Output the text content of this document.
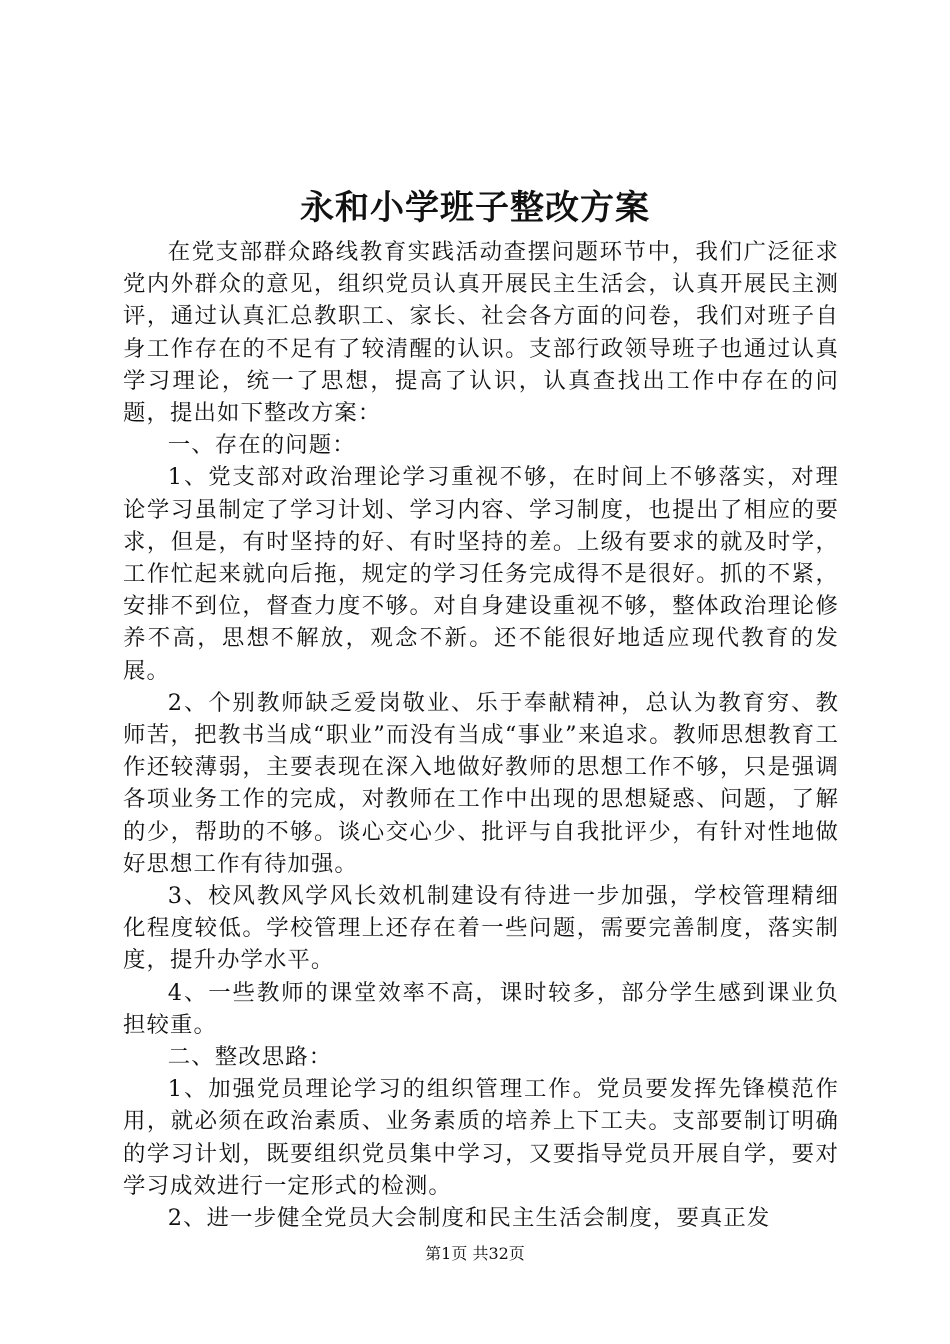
永和小学班子整改方案

在党支部群众路线教育实践活动查摆问题环节中，我们广泛征求党内外群众的意见，组织党员认真开展民主生活会，认真开展民主测评，通过认真汇总教职工、家长、社会各方面的问卷，我们对班子自身工作存在的不足有了较清醒的认识。支部行政领导班子也通过认真学习理论，统一了思想，提高了认识，认真查找出工作中存在的问题，提出如下整改方案：

一、存在的问题：

1、党支部对政治理论学习重视不够，在时间上不够落实，对理论学习虽制定了学习计划、学习内容、学习制度，也提出了相应的要求，但是，有时坚持的好、有时坚持的差。上级有要求的就及时学，工作忙起来就向后拖，规定的学习任务完成得不是很好。抓的不紧，安排不到位，督查力度不够。对自身建设重视不够，整体政治理论修养不高，思想不解放，观念不新。还不能很好地适应现代教育的发展。

2、个别教师缺乏爱岗敬业、乐于奉献精神，总认为教育穷、教师苦，把教书当成“职业”而没有当成“事业”来追求。教师思想教育工作还较薄弱，主要表现在深入地做好教师的思想工作不够，只是强调各项业务工作的完成，对教师在工作中出现的思想疑惑、问题，了解的少，帮助的不够。谈心交心少、批评与自我批评少，有针对性地做好思想工作有待加强。

3、校风教风学风长效机制建设有待进一步加强，学校管理精细化程度较低。学校管理上还存在着一些问题，需要完善制度，落实制度，提升办学水平。

4、一些教师的课堂效率不高，课时较多，部分学生感到课业负担较重。

二、整改思路：

1、加强党员理论学习的组织管理工作。党员要发挥先锋模范作用，就必须在政治素质、业务素质的培养上下工夫。支部要制订明确的学习计划，既要组织党员集中学习，又要指导党员开展自学，要对学习成效进行一定形式的检测。

2、进一步健全党员大会制度和民主生活会制度，要真正发

第1页 共32页
